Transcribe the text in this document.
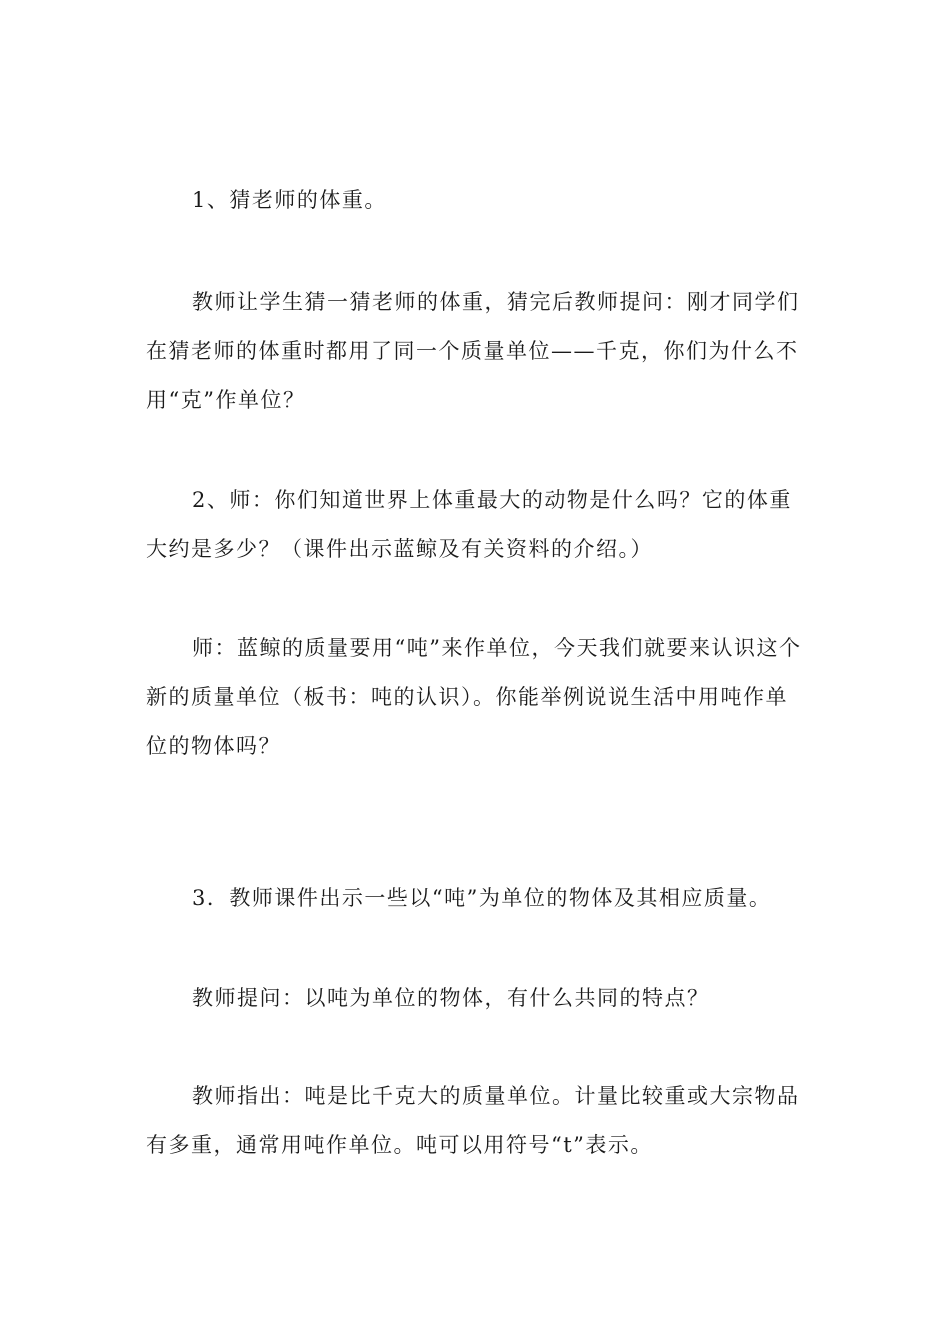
1、猜老师的体重。

教师让学生猜一猜老师的体重，猜完后教师提问：刚才同学们在猜老师的体重时都用了同一个质量单位——千克，你们为什么不用“克”作单位？

2、师：你们知道世界上体重最大的动物是什么吗？它的体重大约是多少？（课件出示蓝鲸及有关资料的介绍。）

师：蓝鲸的质量要用“吨”来作单位，今天我们就要来认识这个新的质量单位（板书：吨的认识）。你能举例说说生活中用吨作单位的物体吗？

3．教师课件出示一些以“吨”为单位的物体及其相应质量。

教师提问：以吨为单位的物体，有什么共同的特点？

教师指出：吨是比千克大的质量单位。计量比较重或大宗物品有多重，通常用吨作单位。吨可以用符号“t”表示。
